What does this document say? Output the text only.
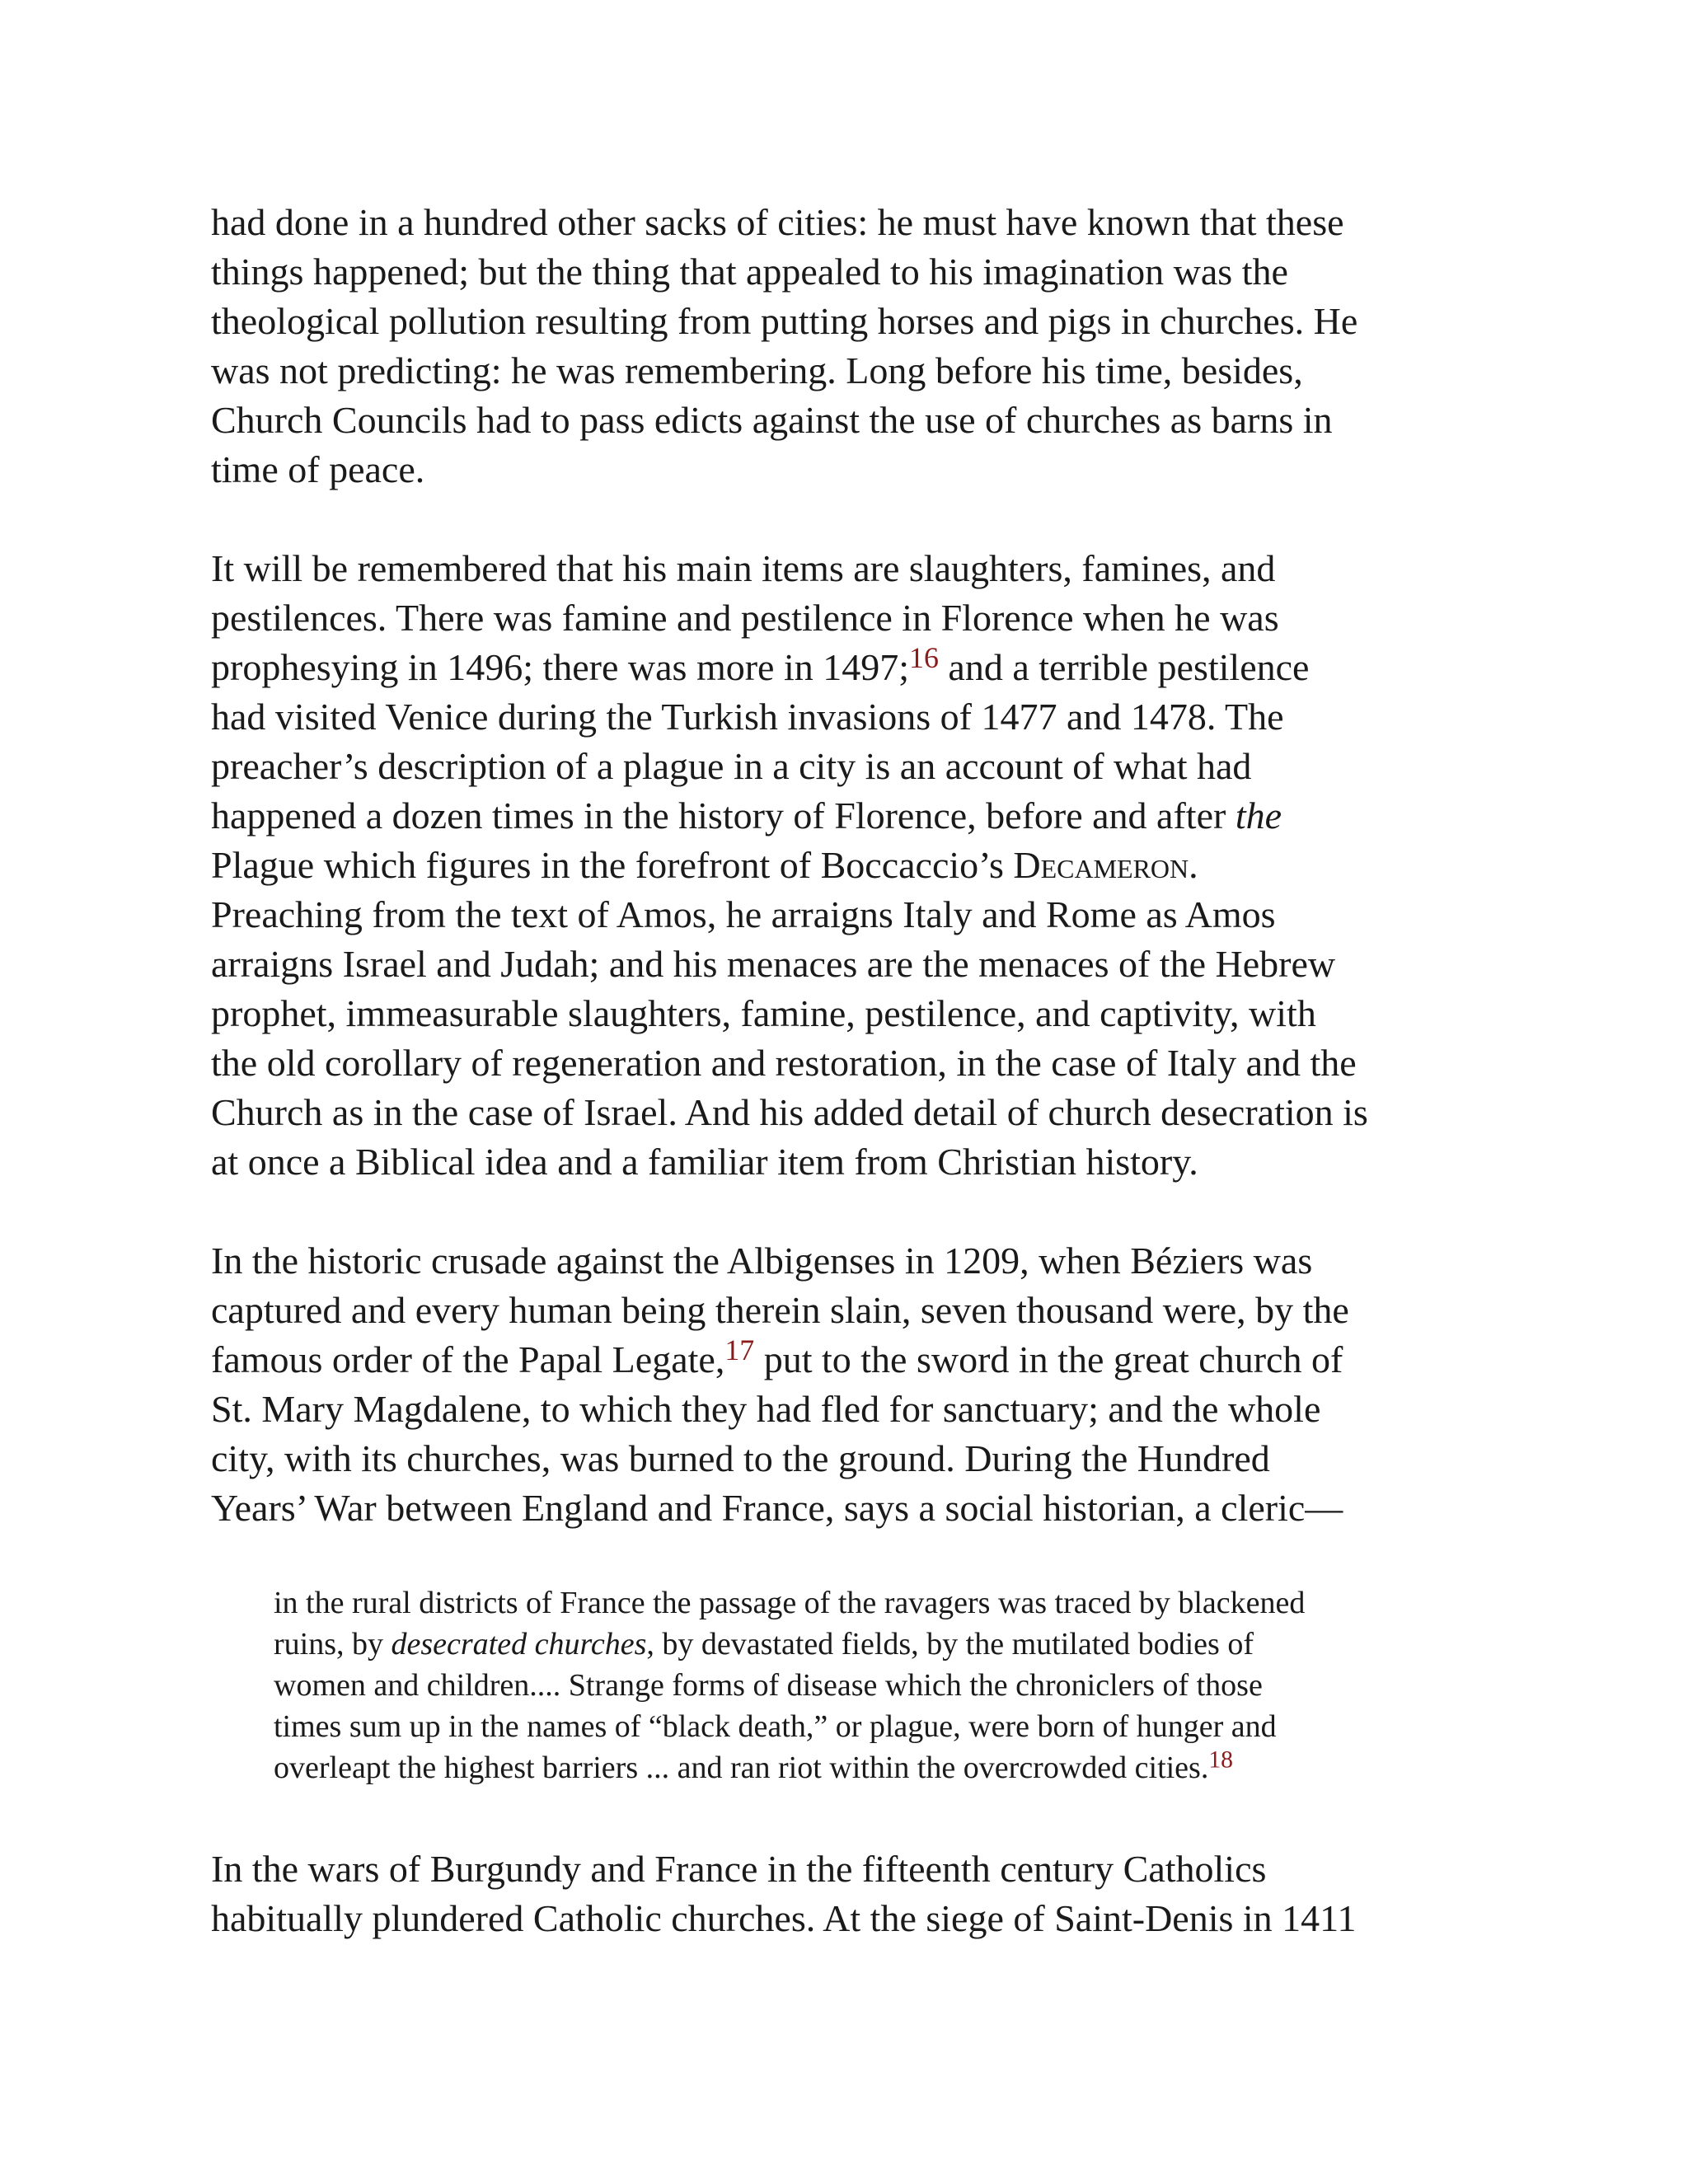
had done in a hundred other sacks of cities: he must have known that these
things happened; but the thing that appealed to his imagination was the
theological pollution resulting from putting horses and pigs in churches. He
was not predicting: he was remembering. Long before his time, besides,
Church Councils had to pass edicts against the use of churches as barns in
time of peace.

It will be remembered that his main items are slaughters, famines, and
pestilences. There was famine and pestilence in Florence when he was
prophesying in 1496; there was more in 1497;$^{16}$ and a terrible pestilence
had visited Venice during the Turkish invasions of 1477 and 1478. The
preacher’s description of a plague in a city is an account of what had
happened a dozen times in the history of Florence, before and after the
Plague which figures in the forefront of Boccaccio’s Decameron.
Preaching from the text of Amos, he arraigns Italy and Rome as Amos
arraigns Israel and Judah; and his menaces are the menaces of the Hebrew
prophet, immeasurable slaughters, famine, pestilence, and captivity, with
the old corollary of regeneration and restoration, in the case of Italy and the
Church as in the case of Israel. And his added detail of church desecration is
at once a Biblical idea and a familiar item from Christian history.

In the historic crusade against the Albigenses in 1209, when Béziers was
captured and every human being therein slain, seven thousand were, by the
famous order of the Papal Legate,$^{17}$ put to the sword in the great church of
St. Mary Magdalene, to which they had fled for sanctuary; and the whole
city, with its churches, was burned to the ground. During the Hundred
Years’ War between England and France, says a social historian, a cleric—

in the rural districts of France the passage of the ravagers was traced by blackened
ruins, by desecrated churches, by devastated fields, by the mutilated bodies of
women and children.... Strange forms of disease which the chroniclers of those
times sum up in the names of “black death,” or plague, were born of hunger and
overleapt the highest barriers ... and ran riot within the overcrowded cities.$^{18}$

In the wars of Burgundy and France in the fifteenth century Catholics
habitually plundered Catholic churches. At the siege of Saint-Denis in 1411
